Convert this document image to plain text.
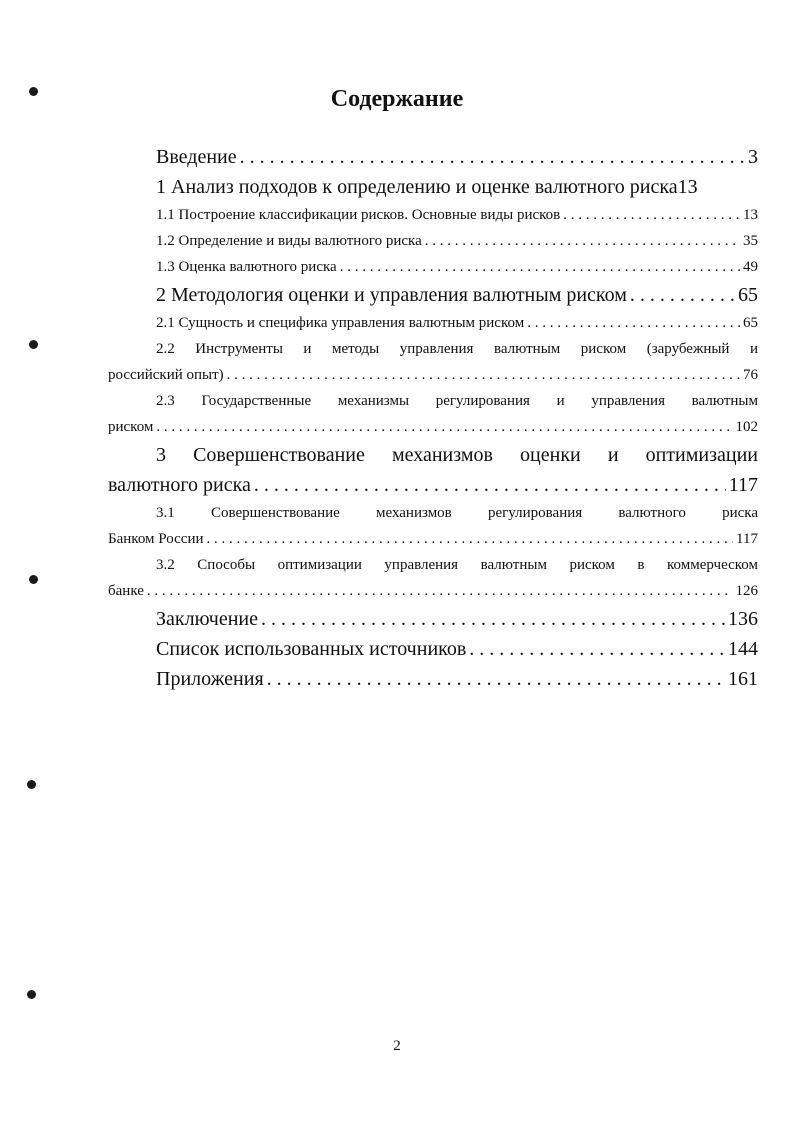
Содержание
Введение . . .	3
1 Анализ подходов к определению и оценке валютного риска 13
1.1 Построение классификации рисков. Основные виды рисков . . .	13
1.2 Определение и виды валютного риска . . .	35
1.3 Оценка валютного риска . . .	49
2 Методология оценки и управления валютным риском . . .	65
2.1 Сущность и специфика управления валютным риском . . .	65
2.2 Инструменты и методы управления валютным риском (зарубежный и
российский опыт) . . .	76
2.3 Государственные механизмы регулирования и управления валютным
риском . . .	102
3 Совершенствование механизмов оценки и оптимизации
валютного риска . . .	117
3.1 Совершенствование механизмов регулирования валютного риска
Банком России . . .	117
3.2 Способы оптимизации управления валютным риском в коммерческом
банке . . .	126
Заключение . . .	136
Список использованных источников . . .	144
Приложения . . .	161
2
